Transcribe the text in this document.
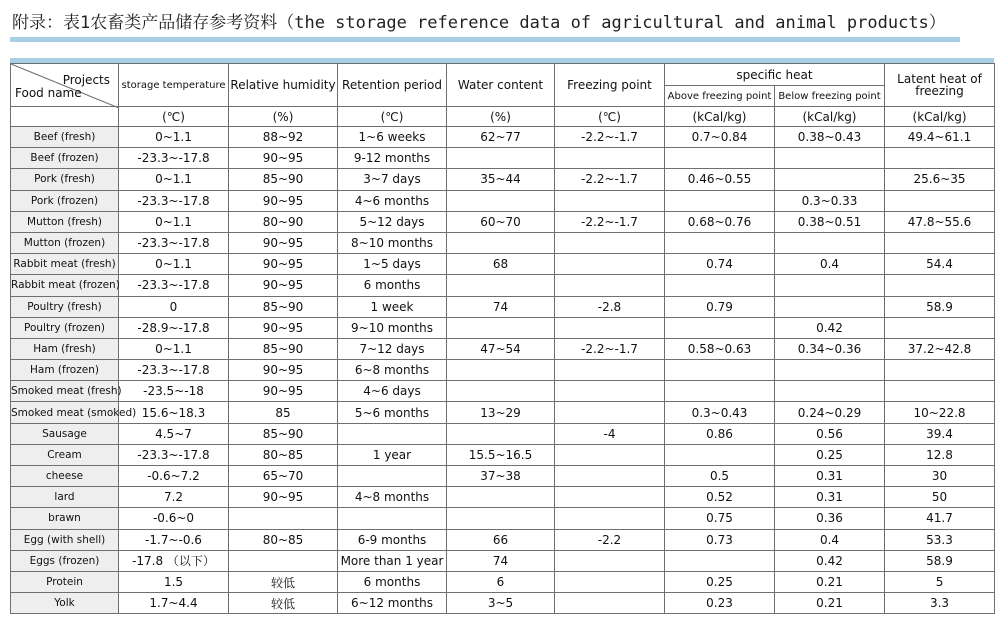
附录：表1农畜类产品储存参考资料（the storage reference data of agricultural and animal products）
Projects
Food name	storage temperature	Relative humidity	Retention period	Water content	Freezing point	specific heat		Latent heat of freezing
						Above freezing point	Below freezing point	
	(℃)	(%)	(℃)	(%)	(℃)	(kCal/kg)	(kCal/kg)	(kCal/kg)
Beef (fresh)	0~1.1	88~92	1~6 weeks	62~77	-2.2~-1.7	0.7~0.84	0.38~0.43	49.4~61.1
Beef (frozen)	-23.3~-17.8	90~95	9-12 months					
Pork (fresh)	0~1.1	85~90	3~7 days	35~44	-2.2~-1.7	0.46~0.55		25.6~35
Pork (frozen)	-23.3~-17.8	90~95	4~6 months				0.3~0.33	
Mutton (fresh)	0~1.1	80~90	5~12 days	60~70	-2.2~-1.7	0.68~0.76	0.38~0.51	47.8~55.6
Mutton (frozen)	-23.3~-17.8	90~95	8~10 months					
Rabbit meat (fresh)	0~1.1	90~95	1~5 days	68		0.74	0.4	54.4
Rabbit meat (frozen)	-23.3~-17.8	90~95	6 months					
Poultry (fresh)	0	85~90	1 week	74	-2.8	0.79		58.9
Poultry (frozen)	-28.9~-17.8	90~95	9~10 months				0.42	
Ham (fresh)	0~1.1	85~90	7~12 days	47~54	-2.2~-1.7	0.58~0.63	0.34~0.36	37.2~42.8
Ham (frozen)	-23.3~-17.8	90~95	6~8 months					
Smoked meat (fresh)	-23.5~-18	90~95	4~6 days					
Smoked meat (smoked)	15.6~18.3	85	5~6 months	13~29		0.3~0.43	0.24~0.29	10~22.8
Sausage	4.5~7	85~90			-4	0.86	0.56	39.4
Cream	-23.3~-17.8	80~85	1 year	15.5~16.5			0.25	12.8
cheese	-0.6~7.2	65~70		37~38		0.5	0.31	30
lard	7.2	90~95	4~8 months			0.52	0.31	50
brawn	-0.6~0					0.75	0.36	41.7
Egg (with shell)	-1.7~-0.6	80~85	6-9 months	66	-2.2	0.73	0.4	53.3
Eggs (frozen)	-17.8 （以下）		More than 1 year	74			0.42	58.9
Protein	1.5	较低	6 months	6		0.25	0.21	5
Yolk	1.7~4.4	较低	6~12 months	3~5		0.23	0.21	3.3
